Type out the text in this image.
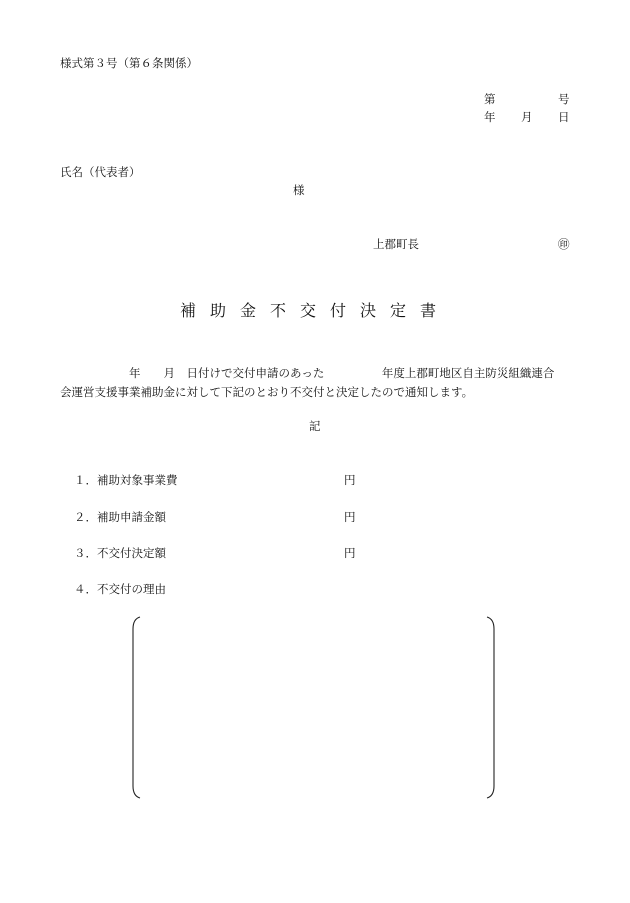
様式第３号（第６条関係）
第	号
年 月 日
氏名（代表者）
様
上郡町長	㊞
補助金不交付決定書
　　　　　　年　　月　日付けで交付申請のあった　　　　　年度上郡町地区自主防災組織連合
会運営支援事業補助金に対して下記のとおり不交付と決定したので通知します。
記
１． 補助対象事業費	円
２． 補助申請金額	円
３． 不交付決定額	円
４． 不交付の理由
